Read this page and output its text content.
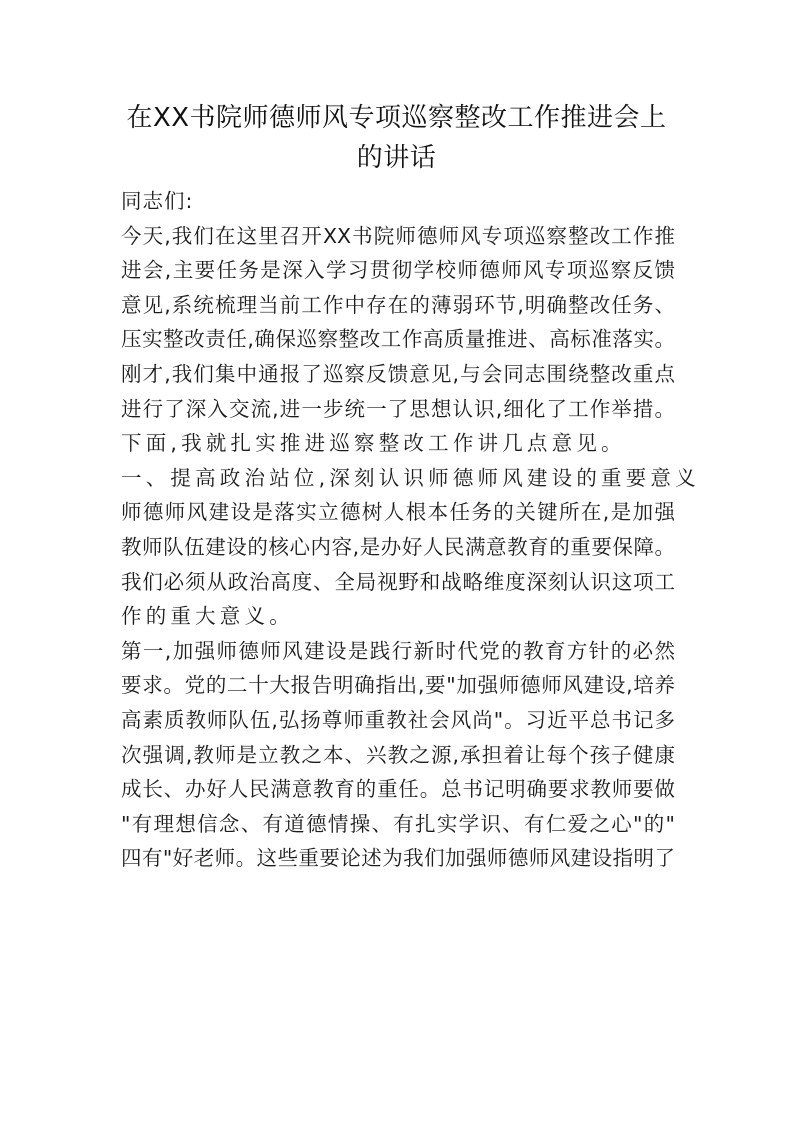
在XX书院师德师风专项巡察整改工作推进会上
的讲话
同志们:
今天,我们在这里召开XX书院师德师风专项巡察整改工作推
进会,主要任务是深入学习贯彻学校师德师风专项巡察反馈
意见,系统梳理当前工作中存在的薄弱环节,明确整改任务、
压实整改责任,确保巡察整改工作高质量推进、高标准落实。
刚才,我们集中通报了巡察反馈意见,与会同志围绕整改重点
进行了深入交流,进一步统一了思想认识,细化了工作举措。
下面,我就扎实推进巡察整改工作讲几点意见。
一、提高政治站位,深刻认识师德师风建设的重要意义
师德师风建设是落实立德树人根本任务的关键所在,是加强
教师队伍建设的核心内容,是办好人民满意教育的重要保障。
我们必须从政治高度、全局视野和战略维度深刻认识这项工
作的重大意义。
第一,加强师德师风建设是践行新时代党的教育方针的必然
要求。党的二十大报告明确指出,要"加强师德师风建设,培养
高素质教师队伍,弘扬尊师重教社会风尚"。习近平总书记多
次强调,教师是立教之本、兴教之源,承担着让每个孩子健康
成长、办好人民满意教育的重任。总书记明确要求教师要做
"有理想信念、有道德情操、有扎实学识、有仁爱之心"的"
四有"好老师。这些重要论述为我们加强师德师风建设指明了
